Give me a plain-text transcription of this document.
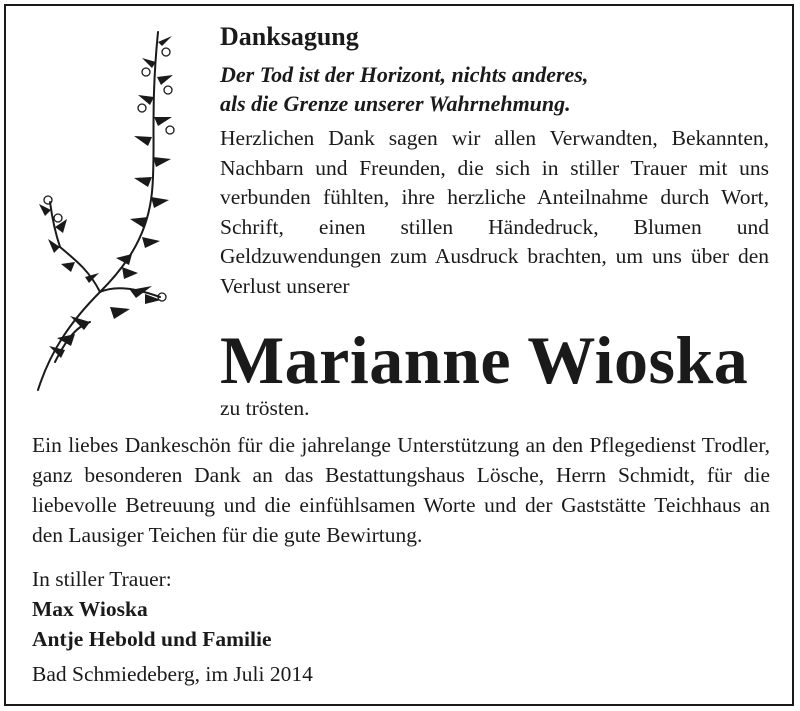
Danksagung

Der Tod ist der Horizont, nichts anderes,
als die Grenze unserer Wahrnehmung.

Herzlichen Dank sagen wir allen Verwandten, Bekannten, Nachbarn und Freunden, die sich in stiller Trauer mit uns verbunden fühlten, ihre herzliche Anteilnahme durch Wort, Schrift, einen stillen Händedruck, Blumen und Geldzuwendungen zum Ausdruck brachten, um uns über den Verlust unserer

Marianne Wioska

zu trösten.

Ein liebes Dankeschön für die jahrelange Unterstützung an den Pflegedienst Trodler, ganz besonderen Dank an das Bestattungshaus Lösche, Herrn Schmidt, für die liebevolle Betreuung und die einfühlsamen Worte und der Gaststätte Teichhaus an den Lausiger Teichen für die gute Bewirtung.

In stiller Trauer:
Max Wioska
Antje Hebold und Familie

Bad Schmiedeberg, im Juli 2014
